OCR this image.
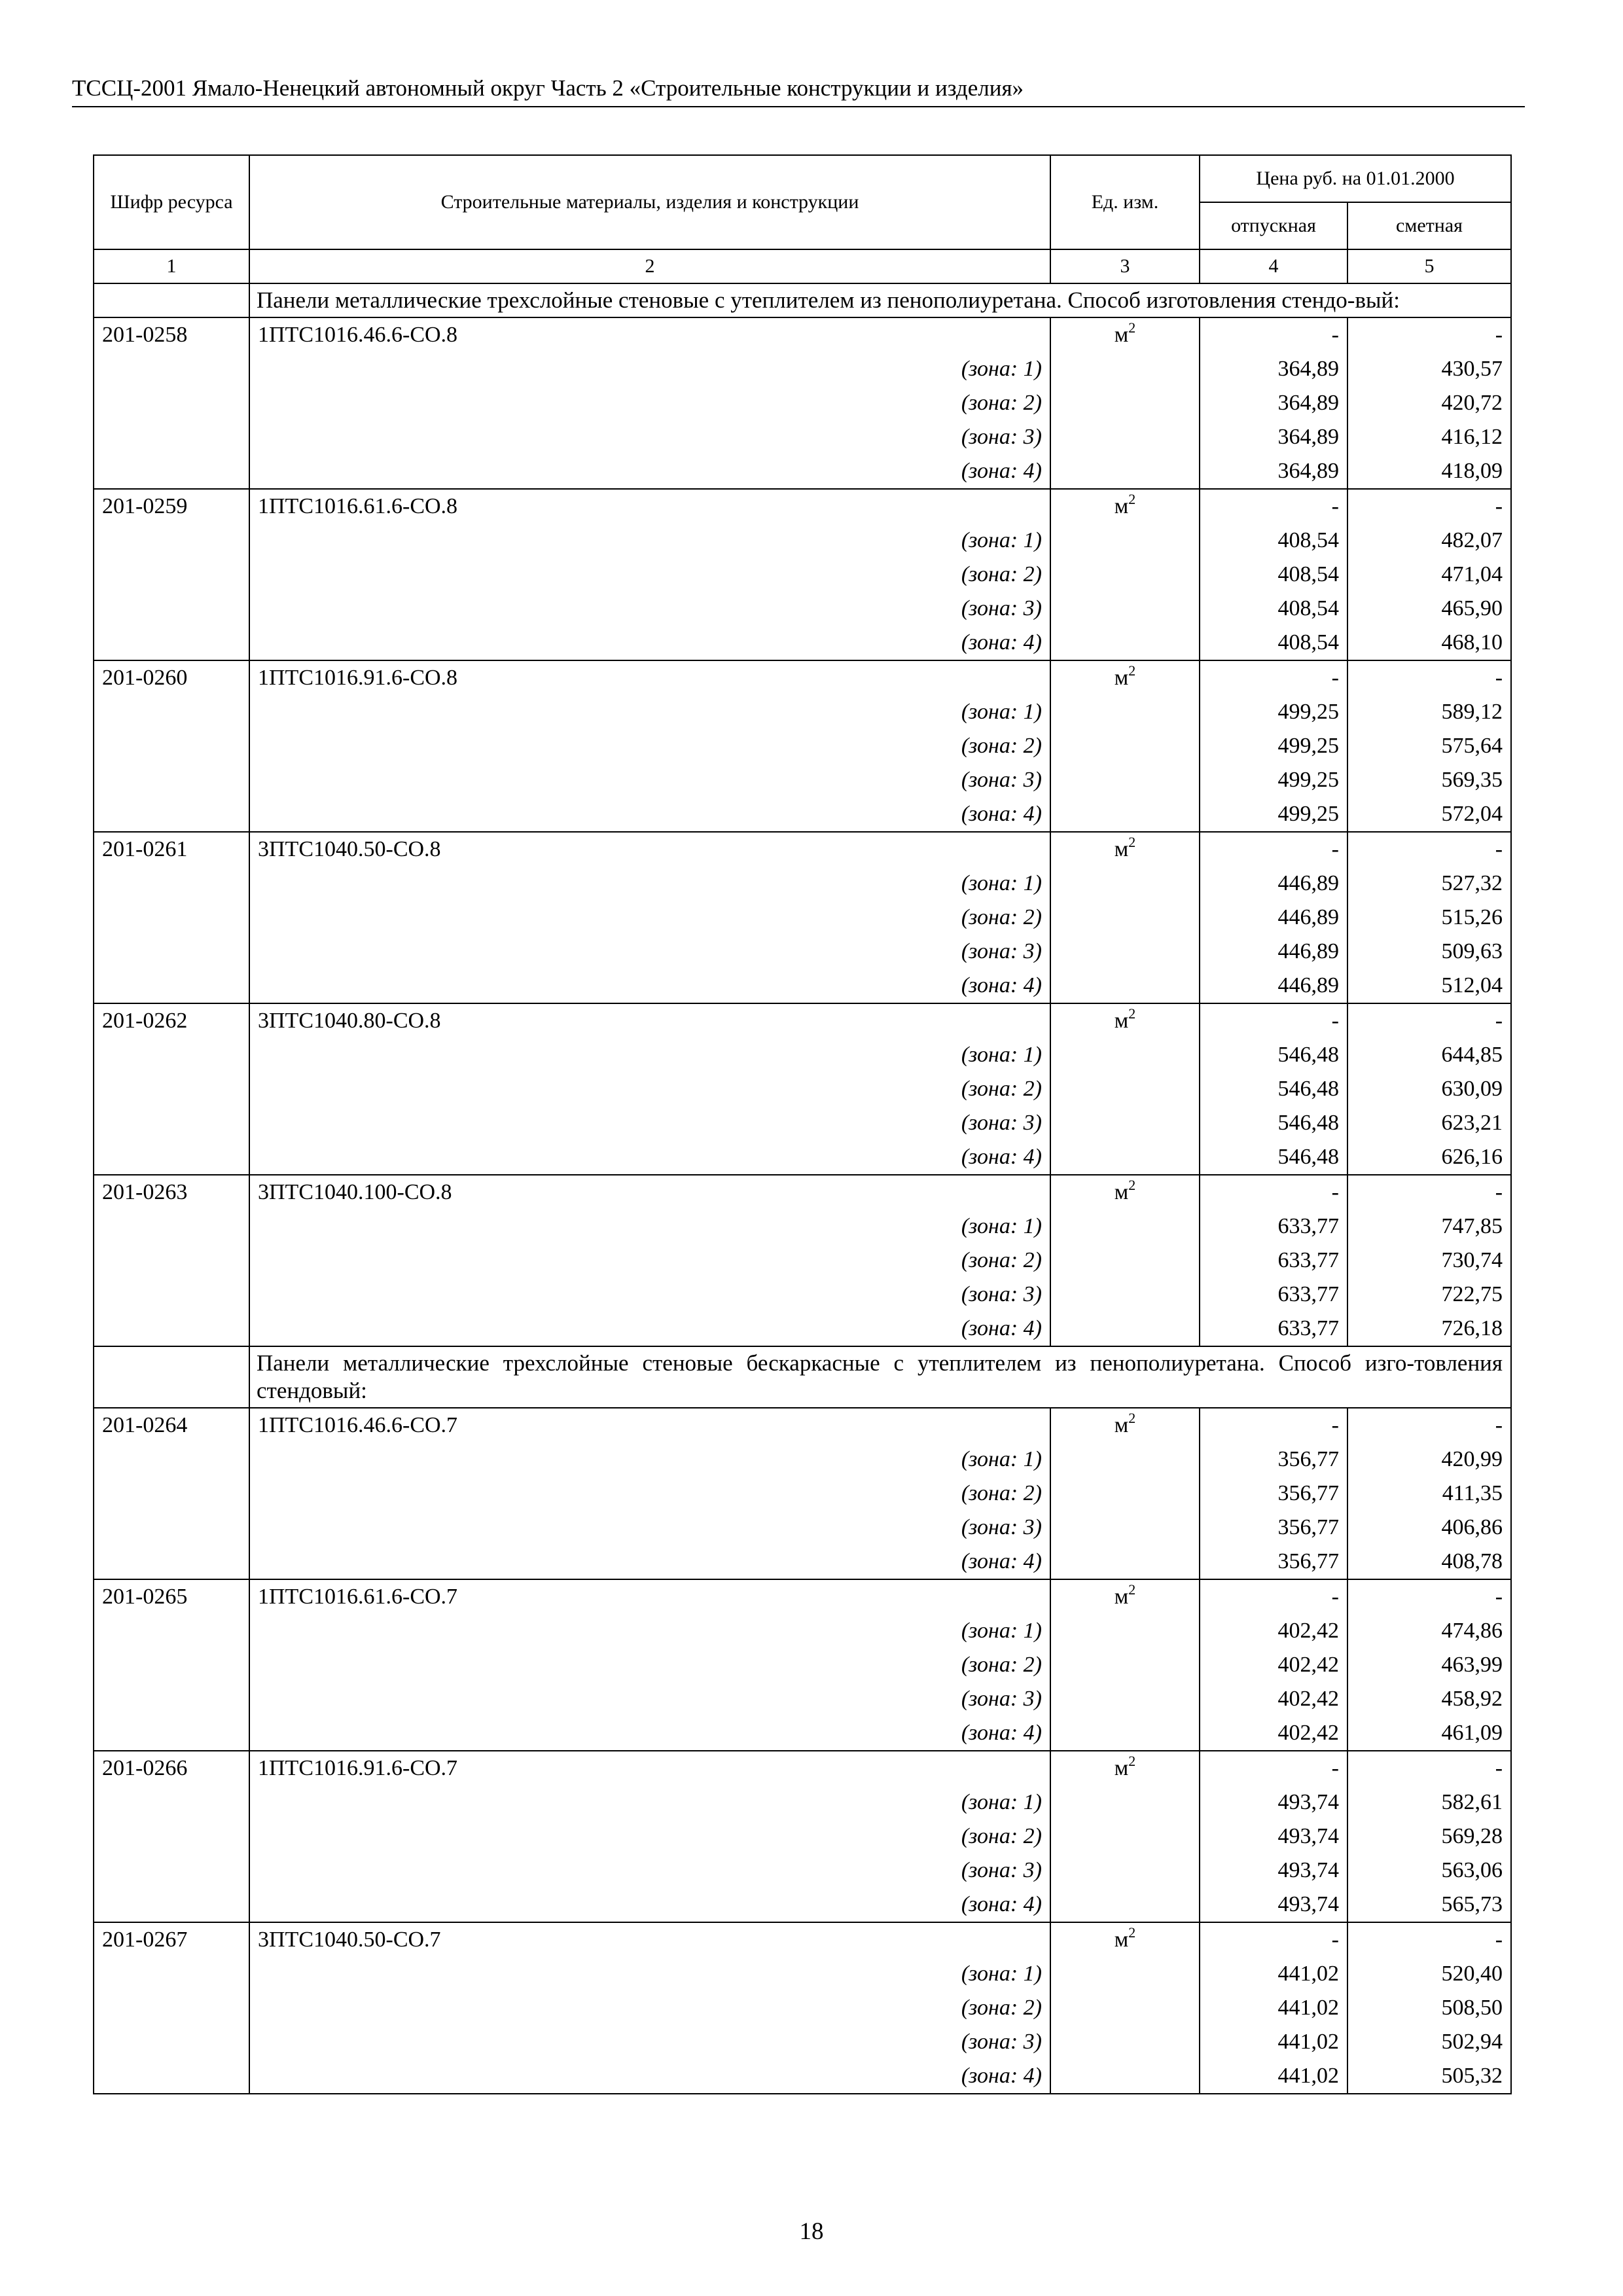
ТССЦ-2001 Ямало-Ненецкий автономный округ Часть 2 «Строительные конструкции и изделия»
Шифр ресурса	Строительные материалы, изделия и конструкции	Ед. изм.	Цена руб. на 01.01.2000	
			отпускная	сметная
1	2	3	4	5
	Панели металлические трехслойные стеновые с утеплителем из пенополиуретана. Способ изготовления стендо-вый:			
201-0258	1ПТС1016.46.6-СО.8	$м^2$	-	-
	(зона: 1)		364,89	430,57
	(зона: 2)		364,89	420,72
	(зона: 3)		364,89	416,12
	(зона: 4)		364,89	418,09
201-0259	1ПТС1016.61.6-СО.8	$м^2$	-	-
	(зона: 1)		408,54	482,07
	(зона: 2)		408,54	471,04
	(зона: 3)		408,54	465,90
	(зона: 4)		408,54	468,10
201-0260	1ПТС1016.91.6-СО.8	$м^2$	-	-
	(зона: 1)		499,25	589,12
	(зона: 2)		499,25	575,64
	(зона: 3)		499,25	569,35
	(зона: 4)		499,25	572,04
201-0261	3ПТС1040.50-СО.8	$м^2$	-	-
	(зона: 1)		446,89	527,32
	(зона: 2)		446,89	515,26
	(зона: 3)		446,89	509,63
	(зона: 4)		446,89	512,04
201-0262	3ПТС1040.80-СО.8	$м^2$	-	-
	(зона: 1)		546,48	644,85
	(зона: 2)		546,48	630,09
	(зона: 3)		546,48	623,21
	(зона: 4)		546,48	626,16
201-0263	3ПТС1040.100-СО.8	$м^2$	-	-
	(зона: 1)		633,77	747,85
	(зона: 2)		633,77	730,74
	(зона: 3)		633,77	722,75
	(зона: 4)		633,77	726,18
	Панели металлические трехслойные стеновые бескаркасные с утеплителем из пенополиуретана. Способ изго-товления стендовый:			
201-0264	1ПТС1016.46.6-СО.7	$м^2$	-	-
	(зона: 1)		356,77	420,99
	(зона: 2)		356,77	411,35
	(зона: 3)		356,77	406,86
	(зона: 4)		356,77	408,78
201-0265	1ПТС1016.61.6-СО.7	$м^2$	-	-
	(зона: 1)		402,42	474,86
	(зона: 2)		402,42	463,99
	(зона: 3)		402,42	458,92
	(зона: 4)		402,42	461,09
201-0266	1ПТС1016.91.6-СО.7	$м^2$	-	-
	(зона: 1)		493,74	582,61
	(зона: 2)		493,74	569,28
	(зона: 3)		493,74	563,06
	(зона: 4)		493,74	565,73
201-0267	3ПТС1040.50-СО.7	$м^2$	-	-
	(зона: 1)		441,02	520,40
	(зона: 2)		441,02	508,50
	(зона: 3)		441,02	502,94
	(зона: 4)		441,02	505,32
18
